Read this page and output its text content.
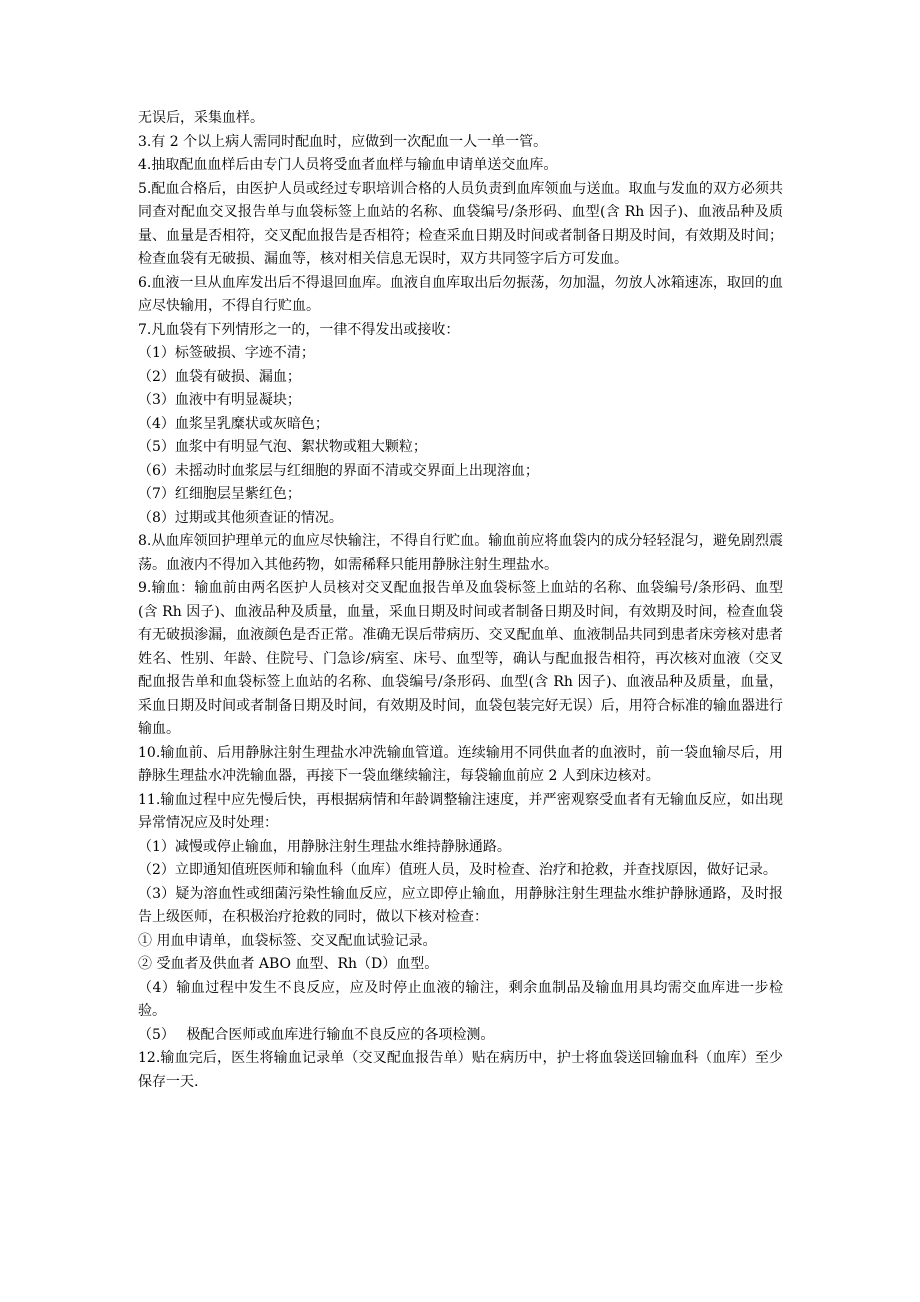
无误后，采集血样。

3.有 2 个以上病人需同时配血时，应做到一次配血一人一单一管。

4.抽取配血血样后由专门人员将受血者血样与输血申请单送交血库。

5.配血合格后，由医护人员或经过专职培训合格的人员负责到血库领血与送血。取血与发血的双方必须共同查对配血交叉报告单与血袋标签上血站的名称、血袋编号/条形码、血型(含 Rh 因子)、血液品种及质量、血量是否相符，交叉配血报告是否相符；检查采血日期及时间或者制备日期及时间，有效期及时间；检查血袋有无破损、漏血等，核对相关信息无误时，双方共同签字后方可发血。

6.血液一旦从血库发出后不得退回血库。血液自血库取出后勿振荡，勿加温，勿放人冰箱速冻，取回的血应尽快输用，不得自行贮血。

7.凡血袋有下列情形之一的，一律不得发出或接收：

（1）标签破损、字迹不清；

（2）血袋有破损、漏血；

（3）血液中有明显凝块；

（4）血浆呈乳糜状或灰暗色；

（5）血浆中有明显气泡、絮状物或粗大颗粒；

（6）未摇动时血浆层与红细胞的界面不清或交界面上出现溶血；

（7）红细胞层呈紫红色；

（8）过期或其他须查证的情况。

8.从血库领回护理单元的血应尽快输注，不得自行贮血。输血前应将血袋内的成分轻轻混匀，避免剧烈震荡。血液内不得加入其他药物，如需稀释只能用静脉注射生理盐水。

9.输血：输血前由两名医护人员核对交叉配血报告单及血袋标签上血站的名称、血袋编号/条形码、血型(含 Rh 因子)、血液品种及质量，血量，采血日期及时间或者制备日期及时间，有效期及时间，检查血袋有无破损渗漏，血液颜色是否正常。准确无误后带病历、交叉配血单、血液制品共同到患者床旁核对患者姓名、性别、年龄、住院号、门急诊/病室、床号、血型等，确认与配血报告相符，再次核对血液（交叉配血报告单和血袋标签上血站的名称、血袋编号/条形码、血型(含 Rh 因子)、血液品种及质量，血量，采血日期及时间或者制备日期及时间，有效期及时间，血袋包装完好无误）后，用符合标准的输血器进行输血。

10.输血前、后用静脉注射生理盐水冲洗输血管道。连续输用不同供血者的血液时，前一袋血输尽后，用静脉生理盐水冲洗输血器，再接下一袋血继续输注，每袋输血前应 2 人到床边核对。

11.输血过程中应先慢后快，再根据病情和年龄调整输注速度，并严密观察受血者有无输血反应，如出现异常情况应及时处理：

（1）减慢或停止输血，用静脉注射生理盐水维持静脉通路。

（2）立即通知值班医师和输血科（血库）值班人员，及时检查、治疗和抢救，并查找原因，做好记录。

（3）疑为溶血性或细菌污染性输血反应，应立即停止输血，用静脉注射生理盐水维护静脉通路，及时报告上级医师，在积极治疗抢救的同时，做以下核对检查：

① 用血申请单，血袋标签、交叉配血试验记录。

② 受血者及供血者 ABO 血型、Rh（D）血型。

（4）输血过程中发生不良反应，应及时停止血液的输注，剩余血制品及输血用具均需交血库进一步检验。

（5）　 极配合医师或血库进行输血不良反应的各项检测。

12.输血完后，医生将输血记录单（交叉配血报告单）贴在病历中，护士将血袋送回输血科（血库）至少保存一天.
